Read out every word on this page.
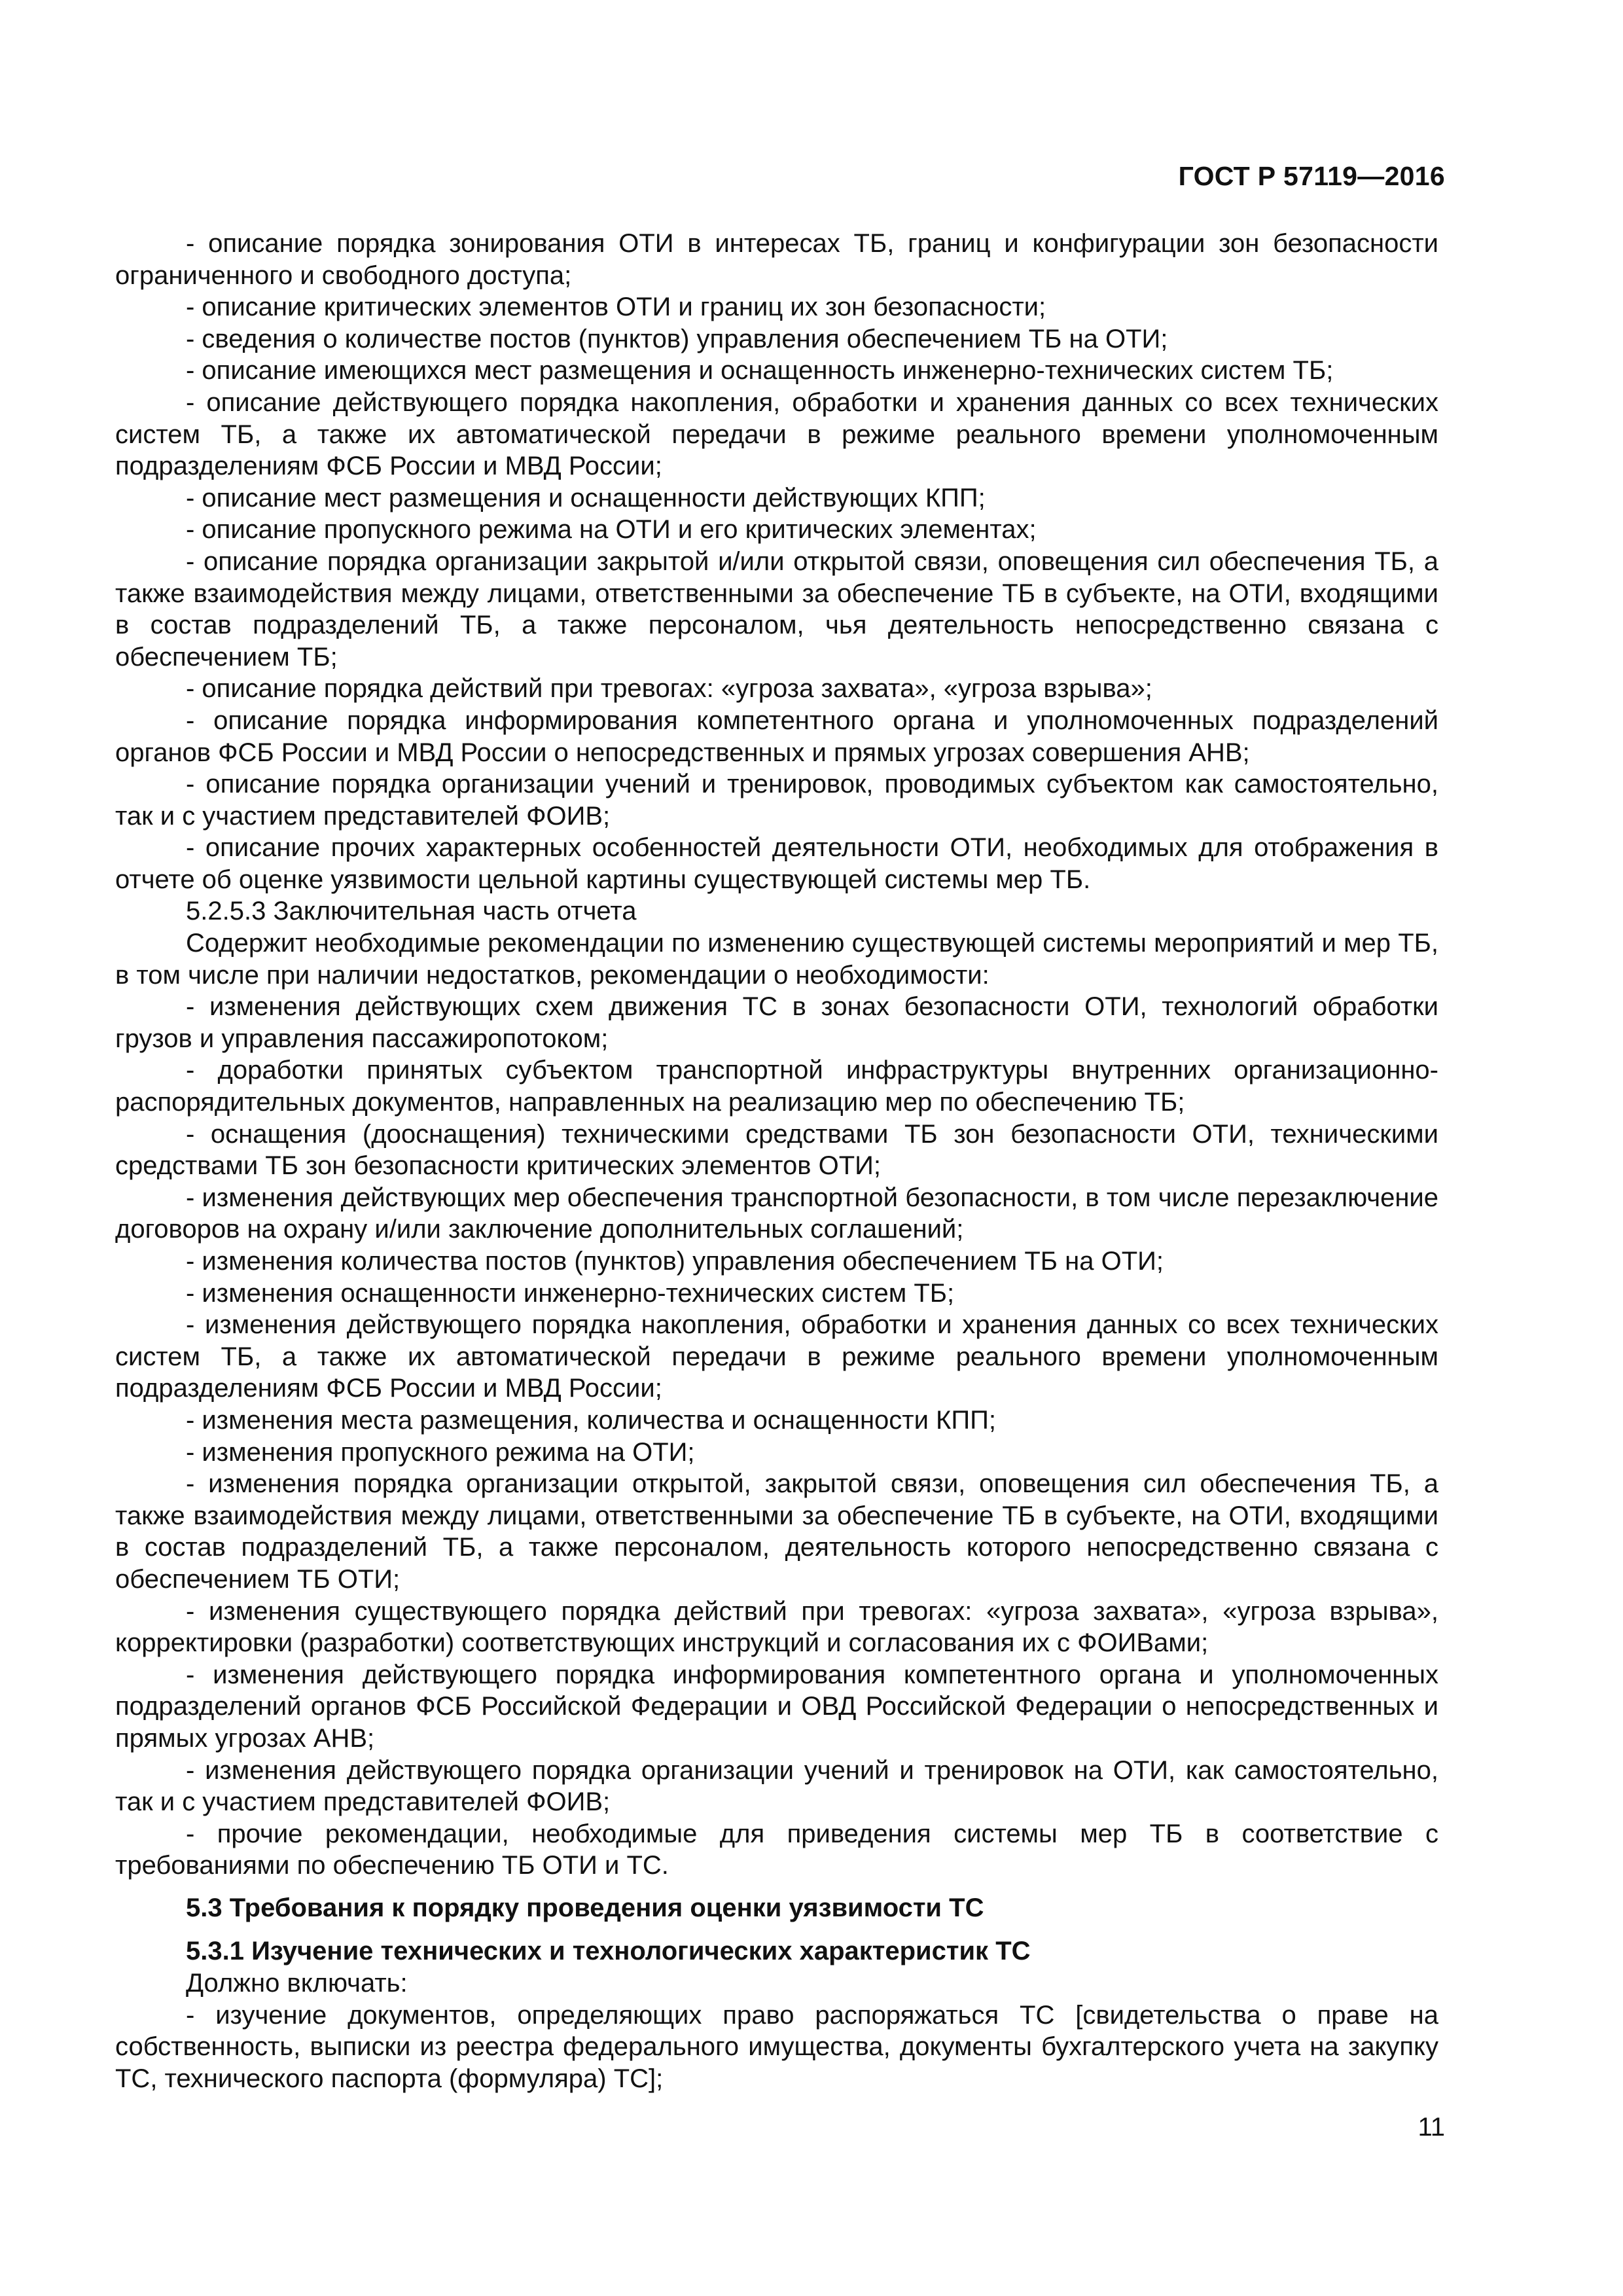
ГОСТ Р 57119—2016

- описание порядка зонирования ОТИ в интересах ТБ, границ и конфигурации зон безопасности ограниченного и свободного доступа;

- описание критических элементов ОТИ и границ их зон безопасности;

- сведения о количестве постов (пунктов) управления обеспечением ТБ на ОТИ;

- описание имеющихся мест размещения и оснащенность инженерно-технических систем ТБ;

- описание действующего порядка накопления, обработки и хранения данных со всех технических систем ТБ, а также их автоматической передачи в режиме реального времени уполномоченным подразделениям ФСБ России и МВД России;

- описание мест размещения и оснащенности действующих КПП;

- описание пропускного режима на ОТИ и его критических элементах;

- описание порядка организации закрытой и/или открытой связи, оповещения сил обеспечения ТБ, а также взаимодействия между лицами, ответственными за обеспечение ТБ в субъекте, на ОТИ, входящими в состав подразделений ТБ, а также персоналом, чья деятельность непосредственно связана с обеспечением ТБ;

- описание порядка действий при тревогах: «угроза захвата», «угроза взрыва»;

- описание порядка информирования компетентного органа и уполномоченных подразделений органов ФСБ России и МВД России о непосредственных и прямых угрозах совершения АНВ;

- описание порядка организации учений и тренировок, проводимых субъектом как самостоятельно, так и с участием представителей ФОИВ;

- описание прочих характерных особенностей деятельности ОТИ, необходимых для отображения в отчете об оценке уязвимости цельной картины существующей системы мер ТБ.

5.2.5.3 Заключительная часть отчета

Содержит необходимые рекомендации по изменению существующей системы мероприятий и мер ТБ, в том числе при наличии недостатков, рекомендации о необходимости:

- изменения действующих схем движения ТС в зонах безопасности ОТИ, технологий обработки грузов и управления пассажиропотоком;

- доработки принятых субъектом транспортной инфраструктуры внутренних организационно-распорядительных документов, направленных на реализацию мер по обеспечению ТБ;

- оснащения (дооснащения) техническими средствами ТБ зон безопасности ОТИ, техническими средствами ТБ зон безопасности критических элементов ОТИ;

- изменения действующих мер обеспечения транспортной безопасности, в том числе перезаключение договоров на охрану и/или заключение дополнительных соглашений;

- изменения количества постов (пунктов) управления обеспечением ТБ на ОТИ;

- изменения оснащенности инженерно-технических систем ТБ;

- изменения действующего порядка накопления, обработки и хранения данных со всех технических систем ТБ, а также их автоматической передачи в режиме реального времени уполномоченным подразделениям ФСБ России и МВД России;

- изменения места размещения, количества и оснащенности КПП;

- изменения пропускного режима на ОТИ;

- изменения порядка организации открытой, закрытой связи, оповещения сил обеспечения ТБ, а также взаимодействия между лицами, ответственными за обеспечение ТБ в субъекте, на ОТИ, входящими в состав подразделений ТБ, а также персоналом, деятельность которого непосредственно связана с обеспечением ТБ ОТИ;

- изменения существующего порядка действий при тревогах: «угроза захвата», «угроза взрыва», корректировки (разработки) соответствующих инструкций и согласования их с ФОИВами;

- изменения действующего порядка информирования компетентного органа и уполномоченных подразделений органов ФСБ Российской Федерации и ОВД Российской Федерации о непосредственных и прямых угрозах АНВ;

- изменения действующего порядка организации учений и тренировок на ОТИ, как самостоятельно, так и с участием представителей ФОИВ;

- прочие рекомендации, необходимые для приведения системы мер ТБ в соответствие с требованиями по обеспечению ТБ ОТИ и ТС.

5.3 Требования к порядку проведения оценки уязвимости ТС

5.3.1 Изучение технических и технологических характеристик ТС

Должно включать:

- изучение документов, определяющих право распоряжаться ТС [свидетельства о праве на собственность, выписки из реестра федерального имущества, документы бухгалтерского учета на закупку ТС, технического паспорта (формуляра) ТС];

11
